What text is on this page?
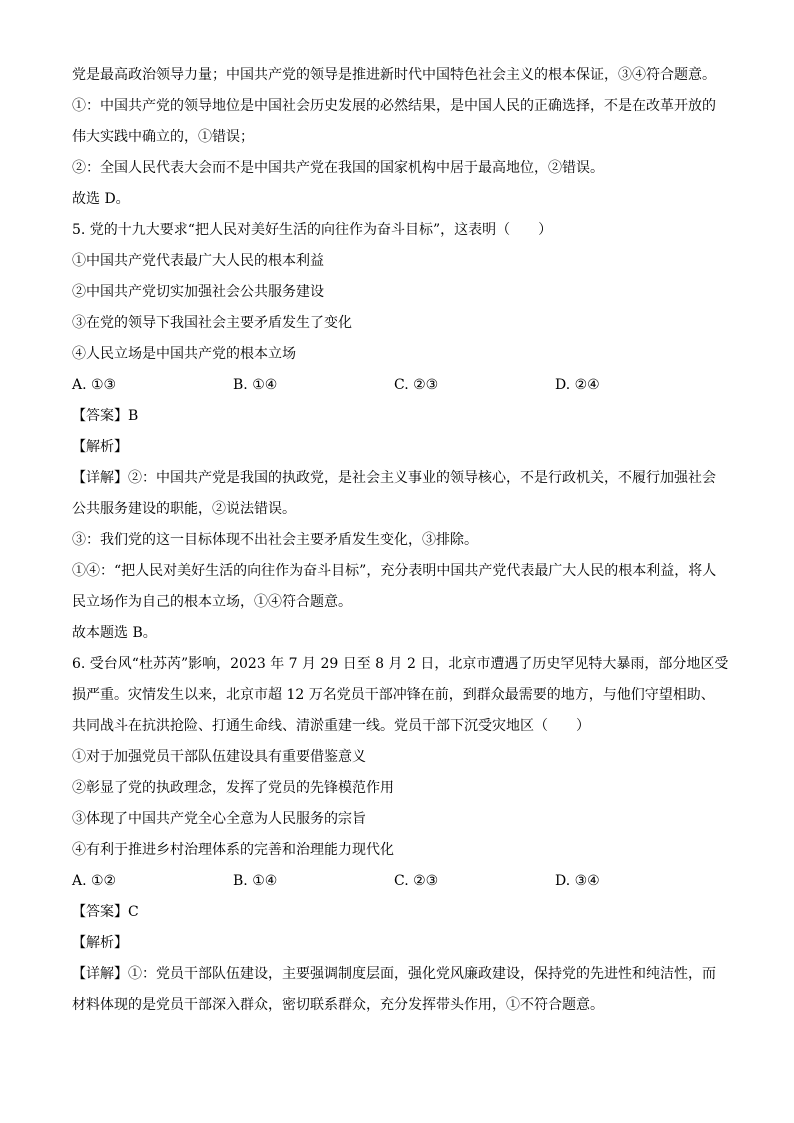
党是最高政治领导力量；中国共产党的领导是推进新时代中国特色社会主义的根本保证，③④符合题意。
①：中国共产党的领导地位是中国社会历史发展的必然结果，是中国人民的正确选择，不是在改革开放的
伟大实践中确立的，①错误；
②：全国人民代表大会而不是中国共产党在我国的国家机构中居于最高地位，②错误。
故选 D。
5. 党的十九大要求“把人民对美好生活的向往作为奋斗目标”，这表明（　　）
①中国共产党代表最广大人民的根本利益
②中国共产党切实加强社会公共服务建设
③在党的领导下我国社会主要矛盾发生了变化
④人民立场是中国共产党的根本立场
A. ①③	B. ①④	C. ②③	D. ②④
【答案】B
【解析】
【详解】②：中国共产党是我国的执政党，是社会主义事业的领导核心，不是行政机关，不履行加强社会
公共服务建设的职能，②说法错误。
③：我们党的这一目标体现不出社会主要矛盾发生变化，③排除。
①④：“把人民对美好生活的向往作为奋斗目标”，充分表明中国共产党代表最广大人民的根本利益，将人
民立场作为自己的根本立场，①④符合题意。
故本题选 B。
6. 受台风“杜苏芮”影响，2023 年 7 月 29 日至 8 月 2 日，北京市遭遇了历史罕见特大暴雨，部分地区受
损严重。灾情发生以来，北京市超 12 万名党员干部冲锋在前，到群众最需要的地方，与他们守望相助、
共同战斗在抗洪抢险、打通生命线、清淤重建一线。党员干部下沉受灾地区（　　）
①对于加强党员干部队伍建设具有重要借鉴意义
②彰显了党的执政理念，发挥了党员的先锋模范作用
③体现了中国共产党全心全意为人民服务的宗旨
④有利于推进乡村治理体系的完善和治理能力现代化
A. ①②	B. ①④	C. ②③	D. ③④
【答案】C
【解析】
【详解】①：党员干部队伍建设，主要强调制度层面，强化党风廉政建设，保持党的先进性和纯洁性，而
材料体现的是党员干部深入群众，密切联系群众，充分发挥带头作用，①不符合题意。
